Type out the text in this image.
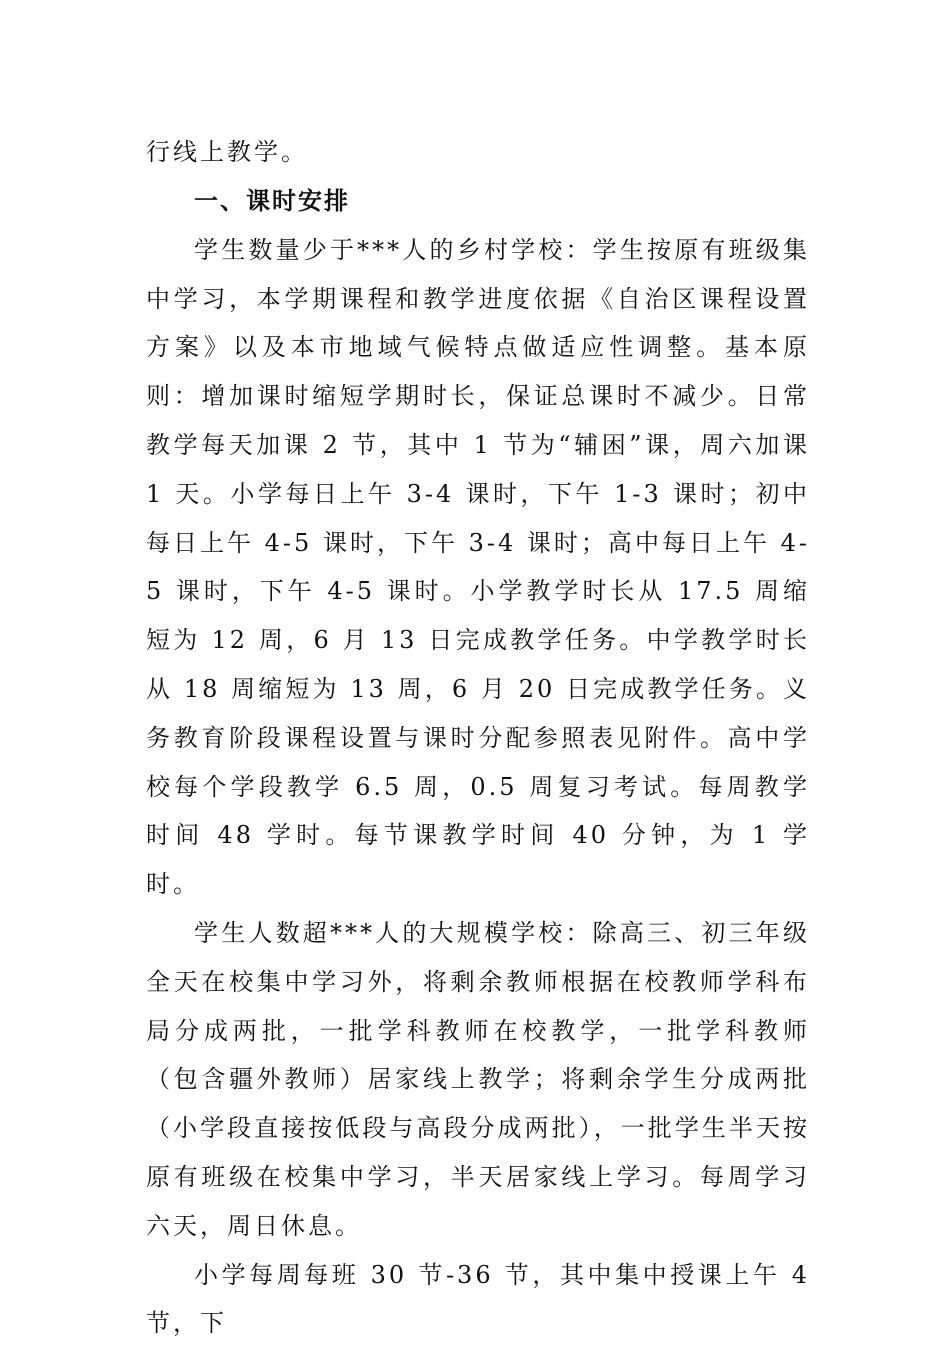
行线上教学。

一、课时安排

学生数量少于***人的乡村学校：学生按原有班级集中学习，本学期课程和教学进度依据《自治区课程设置方案》以及本市地域气候特点做适应性调整。基本原则：增加课时缩短学期时长，保证总课时不减少。日常教学每天加课 2 节，其中 1 节为“辅困”课，周六加课 1 天。小学每日上午 3-4 课时，下午 1-3 课时；初中每日上午 4-5 课时，下午 3-4 课时；高中每日上午 4-5 课时，下午 4-5 课时。小学教学时长从 17.5 周缩短为 12 周，6 月 13 日完成教学任务。中学教学时长从 18 周缩短为 13 周，6 月 20 日完成教学任务。义务教育阶段课程设置与课时分配参照表见附件。高中学校每个学段教学 6.5 周，0.5 周复习考试。每周教学时间 48 学时。每节课教学时间 40 分钟，为 1 学时。

学生人数超***人的大规模学校：除高三、初三年级全天在校集中学习外，将剩余教师根据在校教师学科布局分成两批，一批学科教师在校教学，一批学科教师（包含疆外教师）居家线上教学；将剩余学生分成两批（小学段直接按低段与高段分成两批），一批学生半天按原有班级在校集中学习，半天居家线上学习。每周学习六天，周日休息。

小学每周每班 30 节-36 节，其中集中授课上午 4 节，下
